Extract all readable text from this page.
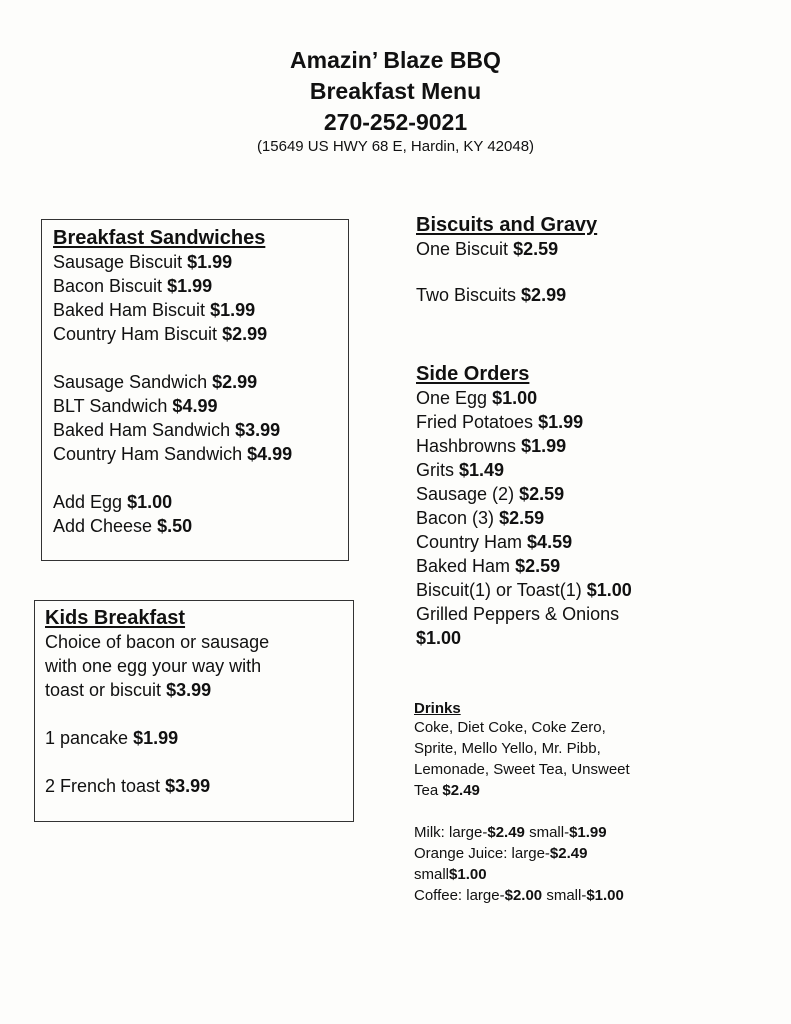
Amazin’ Blaze BBQ
Breakfast Menu
270-252-9021
(15649 US HWY 68 E, Hardin, KY 42048)
Breakfast Sandwiches
Sausage Biscuit $1.99
Bacon Biscuit $1.99
Baked Ham Biscuit $1.99
Country Ham Biscuit $2.99
Sausage Sandwich $2.99
BLT Sandwich $4.99
Baked Ham Sandwich $3.99
Country Ham Sandwich $4.99
Add Egg $1.00
Add Cheese $.50
Kids Breakfast
Choice of bacon or sausage
with one egg your way with
toast or biscuit $3.99
1 pancake $1.99
2 French toast $3.99
Biscuits and Gravy
One Biscuit $2.59
Two Biscuits $2.99
Side Orders
One Egg $1.00
Fried Potatoes $1.99
Hashbrowns $1.99
Grits $1.49
Sausage (2) $2.59
Bacon (3) $2.59
Country Ham $4.59
Baked Ham $2.59
Biscuit(1) or Toast(1) $1.00
Grilled Peppers & Onions
$1.00
Drinks
Coke, Diet Coke, Coke Zero,
Sprite, Mello Yello, Mr. Pibb,
Lemonade, Sweet Tea, Unsweet
Tea $2.49
Milk: large-$2.49 small-$1.99
Orange Juice: large-$2.49
small$1.00
Coffee: large-$2.00 small-$1.00
